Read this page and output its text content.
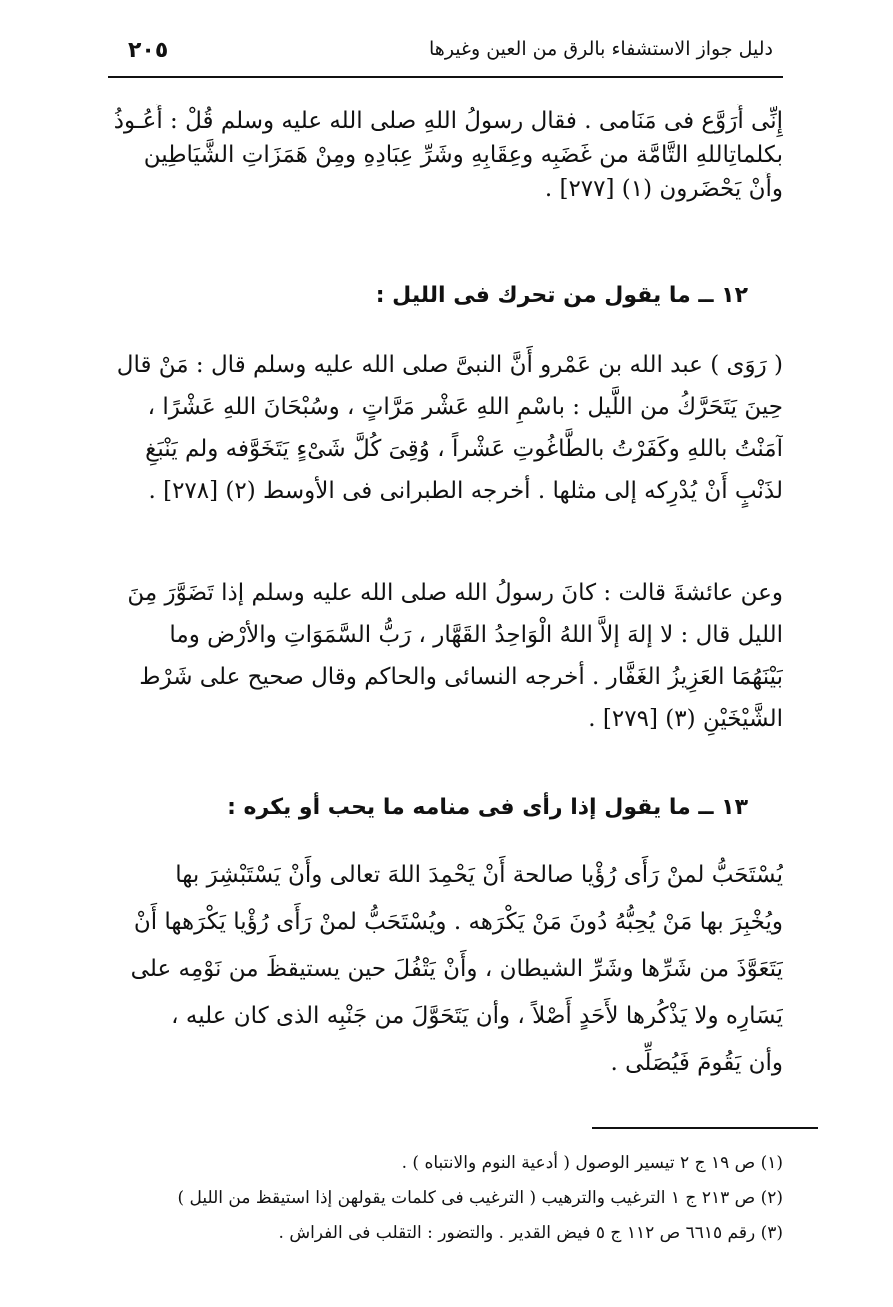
٢٠٥	دليل جواز الاستشفاء بالرق من العين وغيرها
إِنِّى أُرَوَّع فى مَنَامى . فقال رسولُ اللهِ صلى الله عليه وسلم قُلْ : أَعُـوذُ
بكلماتِاللهِ التَّامَّة من غَضَبِه وعِقَابِهِ وشَرِّ عِبَادِهِ ومِنْ هَمَزَاتِ الشَّيَاطِين
وأَنْ يَحْضَرون (١) [٢٧٧] .
١٢ ــ ما يقول من تحرك فى الليل :
( رَوَى ) عبد الله بن عَمْرو أَنَّ النبىَّ صلى الله عليه وسلم قال : مَنْ قال
حِينَ يَتَحَرَّكُ من اللَّيل : باسْمِ اللهِ عَشْر مَرَّاتٍ ، وسُبْحَانَ اللهِ عَشْرًا ،
آمَنْتُ باللهِ وكَفَرْتُ بالطَّاغُوتِ عَشْراً ، وُقِىَ كُلَّ شَىْءٍ يَتَخَوَّفه ولم يَنْبَغِ
لذَنْبٍ أَنْ يُدْرِكه إلى مثلها . أخرجه الطبرانى فى الأوسط (٢) [٢٧٨] .
وعن عائشةَ قالت : كانَ رسولُ الله صلى الله عليه وسلم إذا تَضَوَّرَ مِنَ
الليل قال : لا إلهَ إلاَّ اللهُ الْوَاحِدُ القَهَّار ، رَبُّ السَّمَوَاتِ والأرْض وما
بَيْنَهُمَا العَزِيزُ الغَفَّار . أخرجه النسائى والحاكم وقال صحيح على شَرْط
الشَّيْخَيْنِ (٣) [٢٧٩] .
١٣ ــ ما يقول إذا رأى فى منامه ما يحب أو يكره :
يُسْتَحَبُّ لمنْ رَأَى رُؤْيا صالحة أَنْ يَحْمِدَ اللهَ تعالى وأَنْ يَسْتَبْشِرَ بها
ويُخْبِرَ بها مَنْ يُحِبُّهُ دُونَ مَنْ يَكْرَهه . ويُسْتَحَبُّ لمنْ رَأَى رُؤْيا يَكْرَهها أَنْ
يَتَعَوَّذَ من شَرِّها وشَرِّ الشيطان ، وأَنْ يَتْفُلَ حين يستيقظَ من نَوْمِه على
يَسَارِه ولا يَذْكُرها لأَحَدٍ أَصْلاً ، وأن يَتَحَوَّلَ من جَنْبِه الذى كان عليه ،
وأن يَقُومَ فَيُصَلِّى .
(١) ص ١٩ ج ٢ تيسير الوصول ( أدعية النوم والانتباه ) .
(٢) ص ٢١٣ ج ١ الترغيب والترهيب ( الترغيب فى كلمات يقولهن إذا استيقظ من الليل )
(٣) رقم ٦٦١٥ ص ١١٢ ج ٥ فيض القدير . والتضور : التقلب فى الفراش .
